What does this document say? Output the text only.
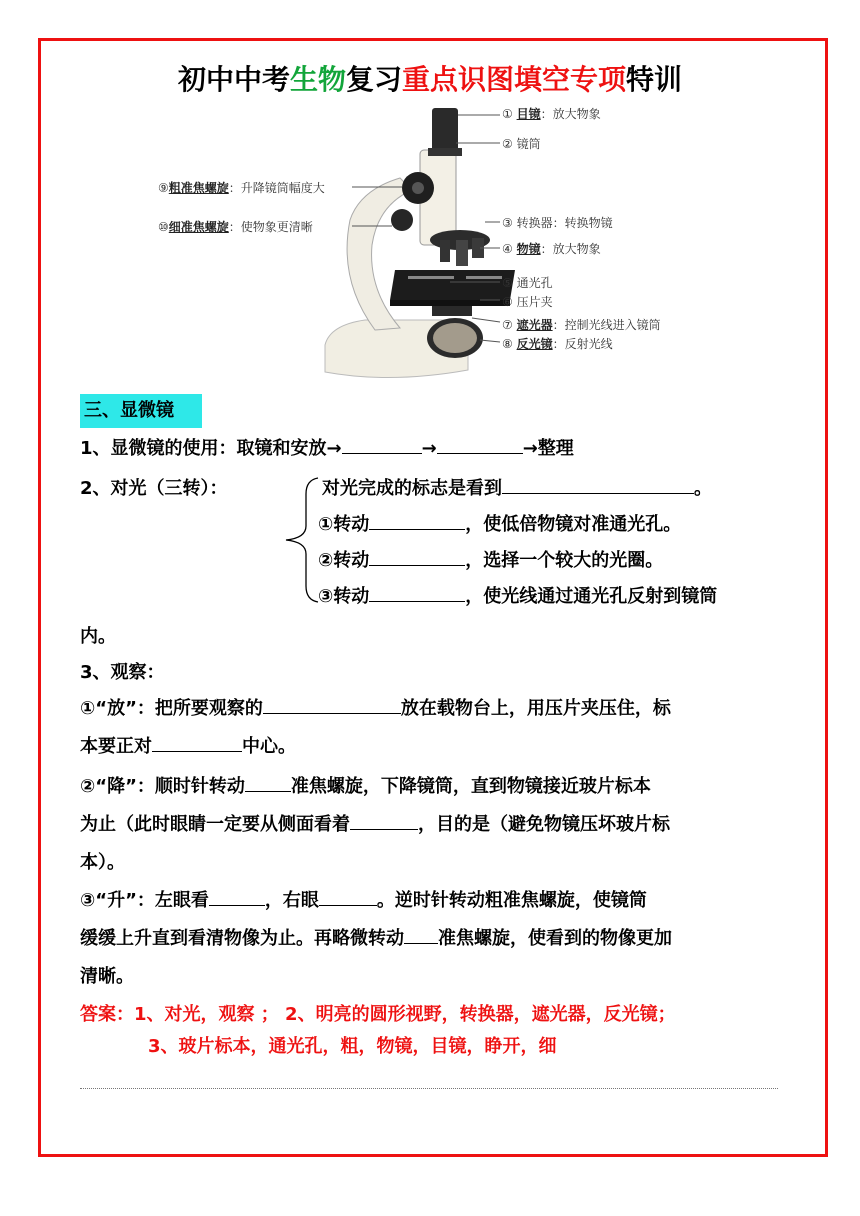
初中中考生物复习重点识图填空专项特训
① 目镜：放大物象
② 镜筒
⑨粗准焦螺旋：升降镜筒幅度大
⑩细准焦螺旋：使物象更清晰	③ 转换器：转换物镜
④ 物镜：放大物象
⑤ 通光孔
⑥ 压片夹
⑦ 遮光器：控制光线进入镜筒
⑧ 反光镜：反射光线
三、显微镜
1、显微镜的使用：取镜和安放→	→	→整理
2、对光（三转）：	对光完成的标志是看到	。
①转动	，使低倍物镜对准通光孔。
②转动	，选择一个较大的光圈。
③转动	，使光线通过通光孔反射到镜筒
内。
3、观察：
①“放”：把所要观察的	放在载物台上，用压片夹压住，标
本要正对	中心。
②“降”：顺时针转动	准焦螺旋，下降镜筒，直到物镜接近玻片标本
为止（此时眼睛一定要从侧面看着	，目的是（避免物镜压坏玻片标
本）。
③“升”：左眼看	，右眼	。逆时针转动粗准焦螺旋，使镜筒
缓缓上升直到看清物像为止。再略微转动 准焦螺旋，使看到的物像更加
清晰。
答案：1、对光，观察 ； 2、明亮的圆形视野，转换器，遮光器，反光镜；
3、玻片标本，通光孔，粗，物镜，目镜，睁开，细
